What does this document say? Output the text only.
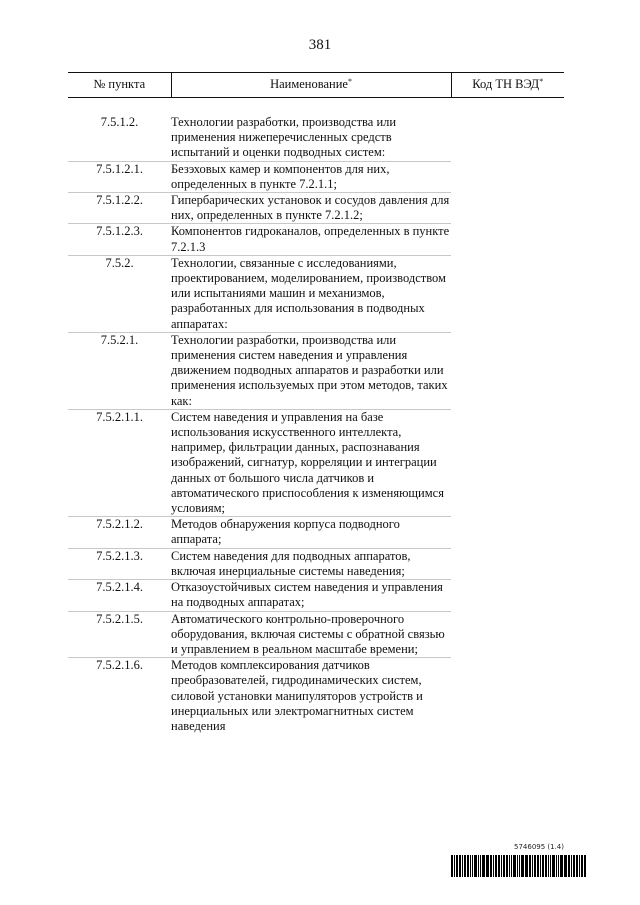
381
№ пункта	Наименование*	Код ТН ВЭД*

7.5.1.2.	Технологии разработки, производства или применения нижеперечисленных средств испытаний и оценки подводных систем:	
7.5.1.2.1.	Безэховых камер и компонентов для них, определенных в пункте 7.2.1.1;	
7.5.1.2.2.	Гипербарических установок и сосудов давления для них, определенных в пункте 7.2.1.2;	
7.5.1.2.3.	Компонентов гидроканалов, определенных в пункте 7.2.1.3	
7.5.2.	Технологии, связанные с исследованиями, проектированием, моделированием, производством или испытаниями машин и механизмов, разработанных для использования в подводных аппаратах:	
7.5.2.1.	Технологии разработки, производства или применения систем наведения и управления движением подводных аппаратов и разработки или применения используемых при этом методов, таких как:	
7.5.2.1.1.	Систем наведения и управления на базе использования искусственного интеллекта, например, фильтрации данных, распознавания изображений, сигнатур, корреляции и интеграции данных от большого числа датчиков и автоматического приспособления к изменяющимся условиям;	
7.5.2.1.2.	Методов обнаружения корпуса подводного аппарата;	
7.5.2.1.3.	Систем наведения для подводных аппаратов, включая инерциальные системы наведения;	
7.5.2.1.4.	Отказоустойчивых систем наведения и управления на подводных аппаратах;	
7.5.2.1.5.	Автоматического контрольно-проверочного оборудования, включая системы с обратной связью и управлением в реальном масштабе времени;	
7.5.2.1.6.	Методов комплексирования датчиков преобразователей, гидродинамических систем, силовой установки манипуляторов устройств и инерциальных или электромагнитных систем наведения	
5746095 (1.4)
